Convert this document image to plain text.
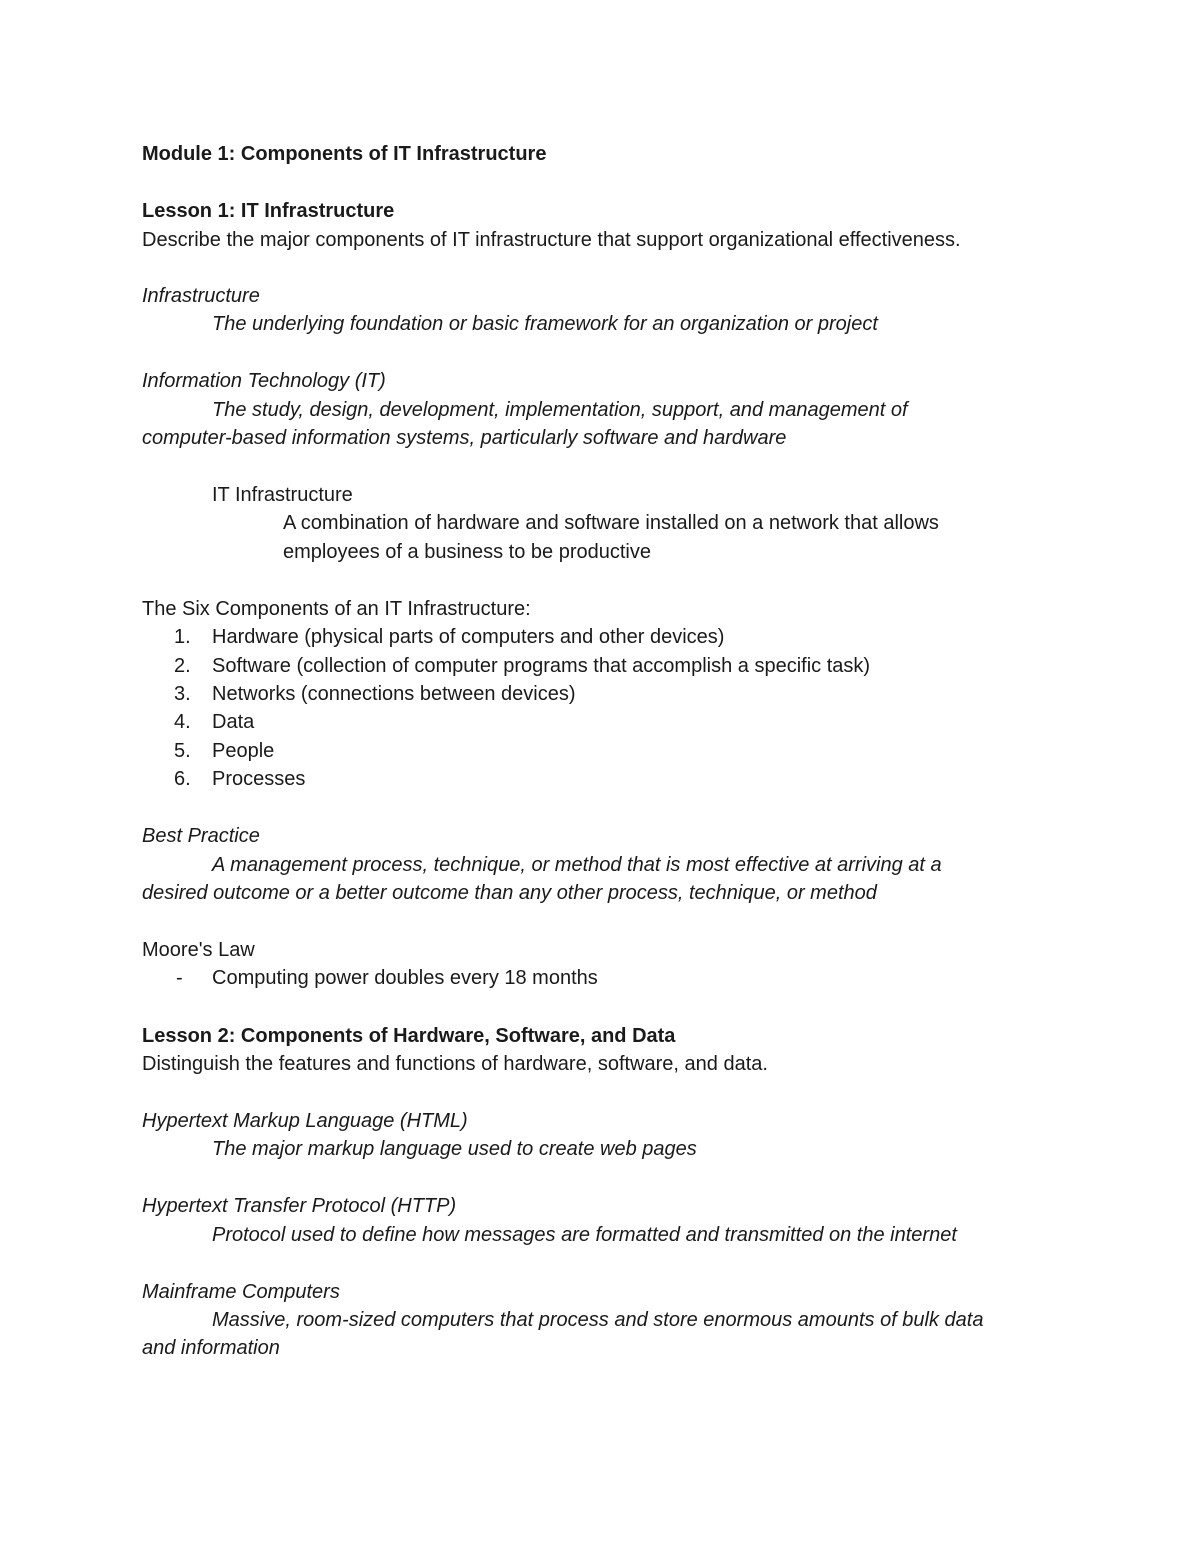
Module 1: Components of IT Infrastructure
Lesson 1: IT Infrastructure
Describe the major components of IT infrastructure that support organizational effectiveness.
Infrastructure
The underlying foundation or basic framework for an organization or project
Information Technology (IT)
The study, design, development, implementation, support, and management of
computer-based information systems, particularly software and hardware
IT Infrastructure
A combination of hardware and software installed on a network that allows
employees of a business to be productive
The Six Components of an IT Infrastructure:
1. Hardware (physical parts of computers and other devices)
2. Software (collection of computer programs that accomplish a specific task)
3. Networks (connections between devices)
4. Data
5. People
6. Processes
Best Practice
A management process, technique, or method that is most effective at arriving at a
desired outcome or a better outcome than any other process, technique, or method
Moore's Law
- Computing power doubles every 18 months
Lesson 2: Components of Hardware, Software, and Data
Distinguish the features and functions of hardware, software, and data.
Hypertext Markup Language (HTML)
The major markup language used to create web pages
Hypertext Transfer Protocol (HTTP)
Protocol used to define how messages are formatted and transmitted on the internet
Mainframe Computers
Massive, room-sized computers that process and store enormous amounts of bulk data
and information
